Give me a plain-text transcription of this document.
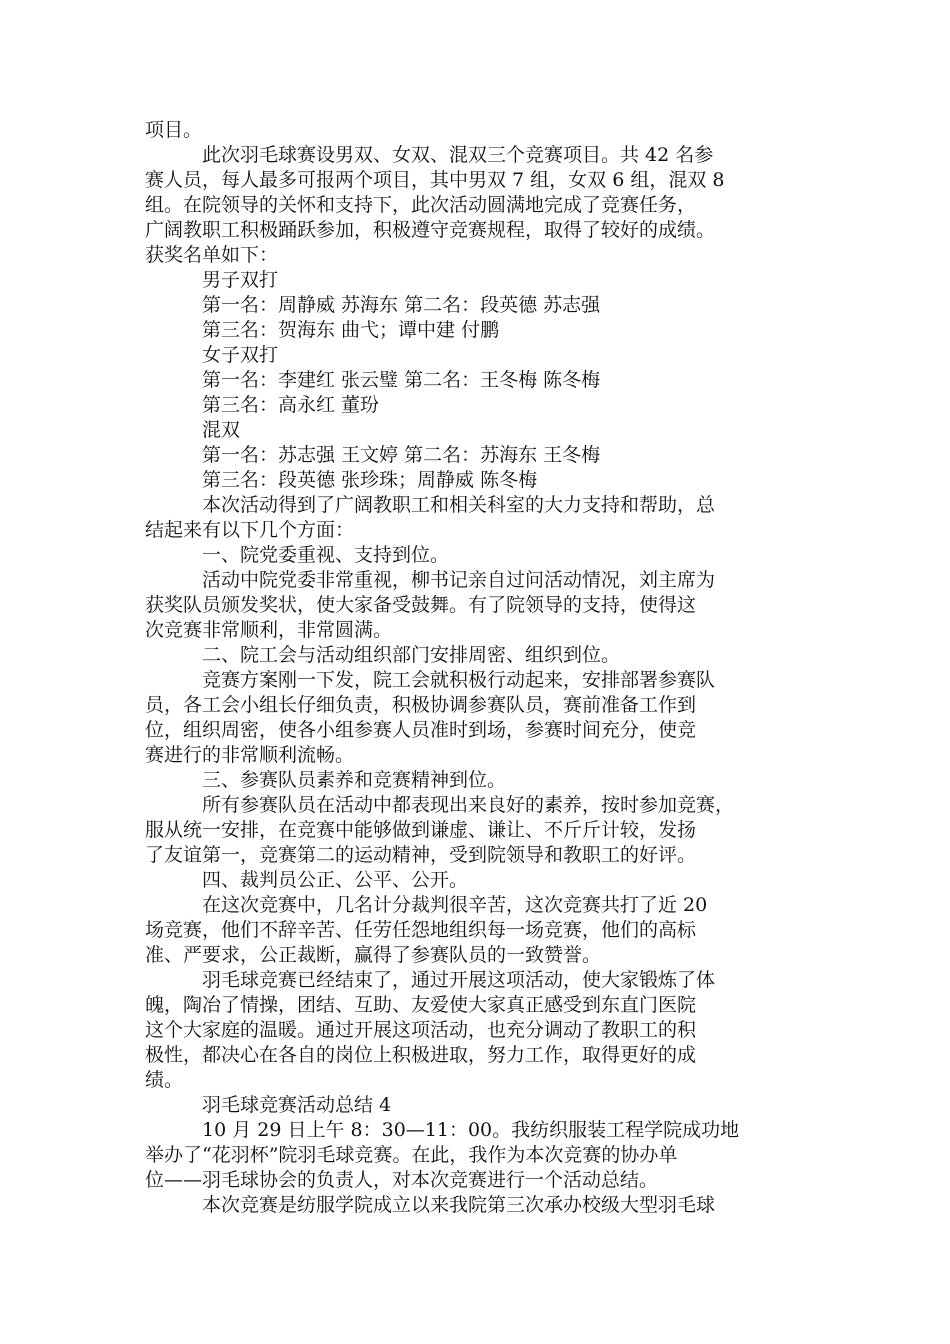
项目。
此次羽毛球赛设男双、女双、混双三个竞赛项目。共 42 名参
赛人员，每人最多可报两个项目，其中男双 7 组，女双 6 组，混双 8
组。在院领导的关怀和支持下，此次活动圆满地完成了竞赛任务，
广阔教职工积极踊跃参加，积极遵守竞赛规程，取得了较好的成绩。
获奖名单如下：
男子双打
第一名：周静威 苏海东 第二名：段英德 苏志强
第三名：贺海东 曲弋；谭中建 付鹏
女子双打
第一名：李建红 张云璧 第二名：王冬梅 陈冬梅
第三名：高永红 董玢
混双
第一名：苏志强 王文婷 第二名：苏海东 王冬梅
第三名：段英德 张珍珠；周静威 陈冬梅
本次活动得到了广阔教职工和相关科室的大力支持和帮助，总
结起来有以下几个方面：
一、院党委重视、支持到位。
活动中院党委非常重视，柳书记亲自过问活动情况，刘主席为
获奖队员颁发奖状，使大家备受鼓舞。有了院领导的支持，使得这
次竞赛非常顺利，非常圆满。
二、院工会与活动组织部门安排周密、组织到位。
竞赛方案刚一下发，院工会就积极行动起来，安排部署参赛队
员，各工会小组长仔细负责，积极协调参赛队员，赛前准备工作到
位，组织周密，使各小组参赛人员准时到场，参赛时间充分，使竞
赛进行的非常顺利流畅。
三、参赛队员素养和竞赛精神到位。
所有参赛队员在活动中都表现出来良好的素养，按时参加竞赛，
服从统一安排，在竞赛中能够做到谦虚、谦让、不斤斤计较，发扬
了友谊第一，竞赛第二的运动精神，受到院领导和教职工的好评。
四、裁判员公正、公平、公开。
在这次竞赛中，几名计分裁判很辛苦，这次竞赛共打了近 20
场竞赛，他们不辞辛苦、任劳任怨地组织每一场竞赛，他们的高标
准、严要求，公正裁断，赢得了参赛队员的一致赞誉。
羽毛球竞赛已经结束了，通过开展这项活动，使大家锻炼了体
魄，陶冶了情操，团结、互助、友爱使大家真正感受到东直门医院
这个大家庭的温暖。通过开展这项活动，也充分调动了教职工的积
极性，都决心在各自的岗位上积极进取，努力工作，取得更好的成
绩。
羽毛球竞赛活动总结 4
10 月 29 日上午 8：30—11：00。我纺织服装工程学院成功地
举办了“花羽杯”院羽毛球竞赛。在此，我作为本次竞赛的协办单
位——羽毛球协会的负责人，对本次竞赛进行一个活动总结。
本次竞赛是纺服学院成立以来我院第三次承办校级大型羽毛球
